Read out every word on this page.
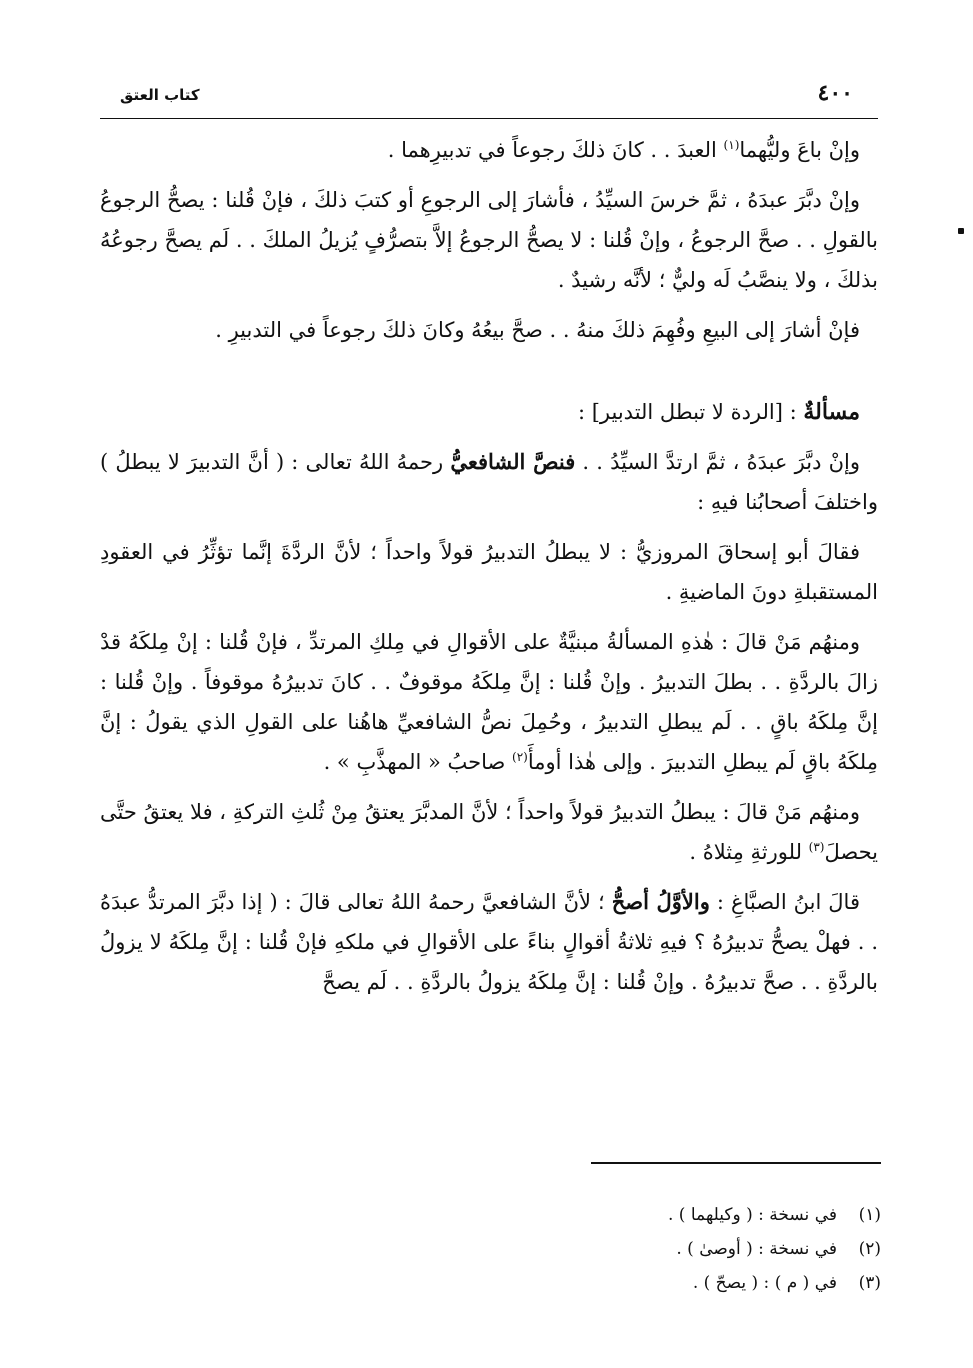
كتاب العتق	٤٠٠

وإنْ باعَ وليُّهما$^{(١)}$ العبدَ . . كانَ ذلكَ رجوعاً في تدبيرِهما .

وإنْ دبَّرَ عبدَهُ ، ثمَّ خرسَ السيِّدُ ، فأشارَ إلى الرجوعِ أو كتبَ ذلكَ ، فإنْ قُلنا : يصحُّ الرجوعُ بالقولِ . . صحَّ الرجوعُ ، وإنْ قُلنا : لا يصحُّ الرجوعُ إلاَّ بتصرُّفٍ يُزيلُ الملكَ . . لَم يصحَّ رجوعُهُ بذلكَ ، ولا ينصَّبُ لَه وليٌّ ؛ لأنَّه رشيدٌ .

فإنْ أشارَ إلى البيعِ وفُهِمَ ذلكَ منهُ . . صحَّ بيعُهُ وكانَ ذلكَ رجوعاً في التدبيرِ .

مسألةٌ : [الردة لا تبطل التدبير] :

وإنْ دبَّرَ عبدَهُ ، ثمَّ ارتدَّ السيِّدُ . . فنصَّ الشافعيُّ رحمهُ اللهُ تعالى : ( أنَّ التدبيرَ لا يبطلُ ) واختلفَ أصحابُنا فيهِ :

فقالَ أبو إسحاقَ المروزيُّ : لا يبطلُ التدبيرُ قولاً واحداً ؛ لأنَّ الردَّةَ إنَّما تؤثِّرُ في العقودِ المستقبلةِ دونَ الماضيةِ .

ومنهُم مَنْ قالَ : هٰذهِ المسألةُ مبنيَّةٌ على الأقوالِ في مِلكِ المرتدِّ ، فإنْ قُلنا : إنْ مِلكَهُ قدْ زالَ بالردَّةِ . . بطلَ التدبيرُ . وإنْ قُلنا : إنَّ مِلكَهُ موقوفٌ . . كانَ تدبيرُهُ موقوفاً . وإنْ قُلنا : إنَّ مِلكَهُ باقٍ . . لَم يبطلِ التدبيرُ ، وحُمِلَ نصُّ الشافعيِّ هاهُنا على القولِ الذي يقولُ : إنَّ مِلكَهُ باقٍ لَم يبطلِ التدبيرَ . وإلى هٰذا أومأَ$^{(٢)}$ صاحبُ « المهذَّبِ » .

ومنهُم مَنْ قالَ : يبطلُ التدبيرُ قولاً واحداً ؛ لأنَّ المدبَّرَ يعتقُ مِنْ ثُلثِ التركةِ ، فلا يعتقُ حتَّى يحصلَ$^{(٣)}$ للورثةِ مِثلاهُ .

قالَ ابنُ الصبَّاغِ : والأوَّلُ أصحُّ ؛ لأنَّ الشافعيَّ رحمهُ اللهُ تعالى قالَ : ( إذا دبَّرَ المرتدُّ عبدَهُ . . فهلْ يصحُّ تدبيرُهُ ؟ فيهِ ثلاثةُ أقوالٍ بناءً على الأقوالِ في ملكهِ فإنْ قُلنا : إنَّ مِلكَهُ لا يزولُ بالردَّةِ . . صحَّ تدبيرُهُ . وإنْ قُلنا : إنَّ مِلكَهُ يزولُ بالردَّةِ . . لَم يصحَّ

(١)
في نسخة : ( وكيلهما ) .
(٢)
في نسخة : ( أوصىٰ ) .
(٣)
في ( م ) : ( يصحّ ) .
